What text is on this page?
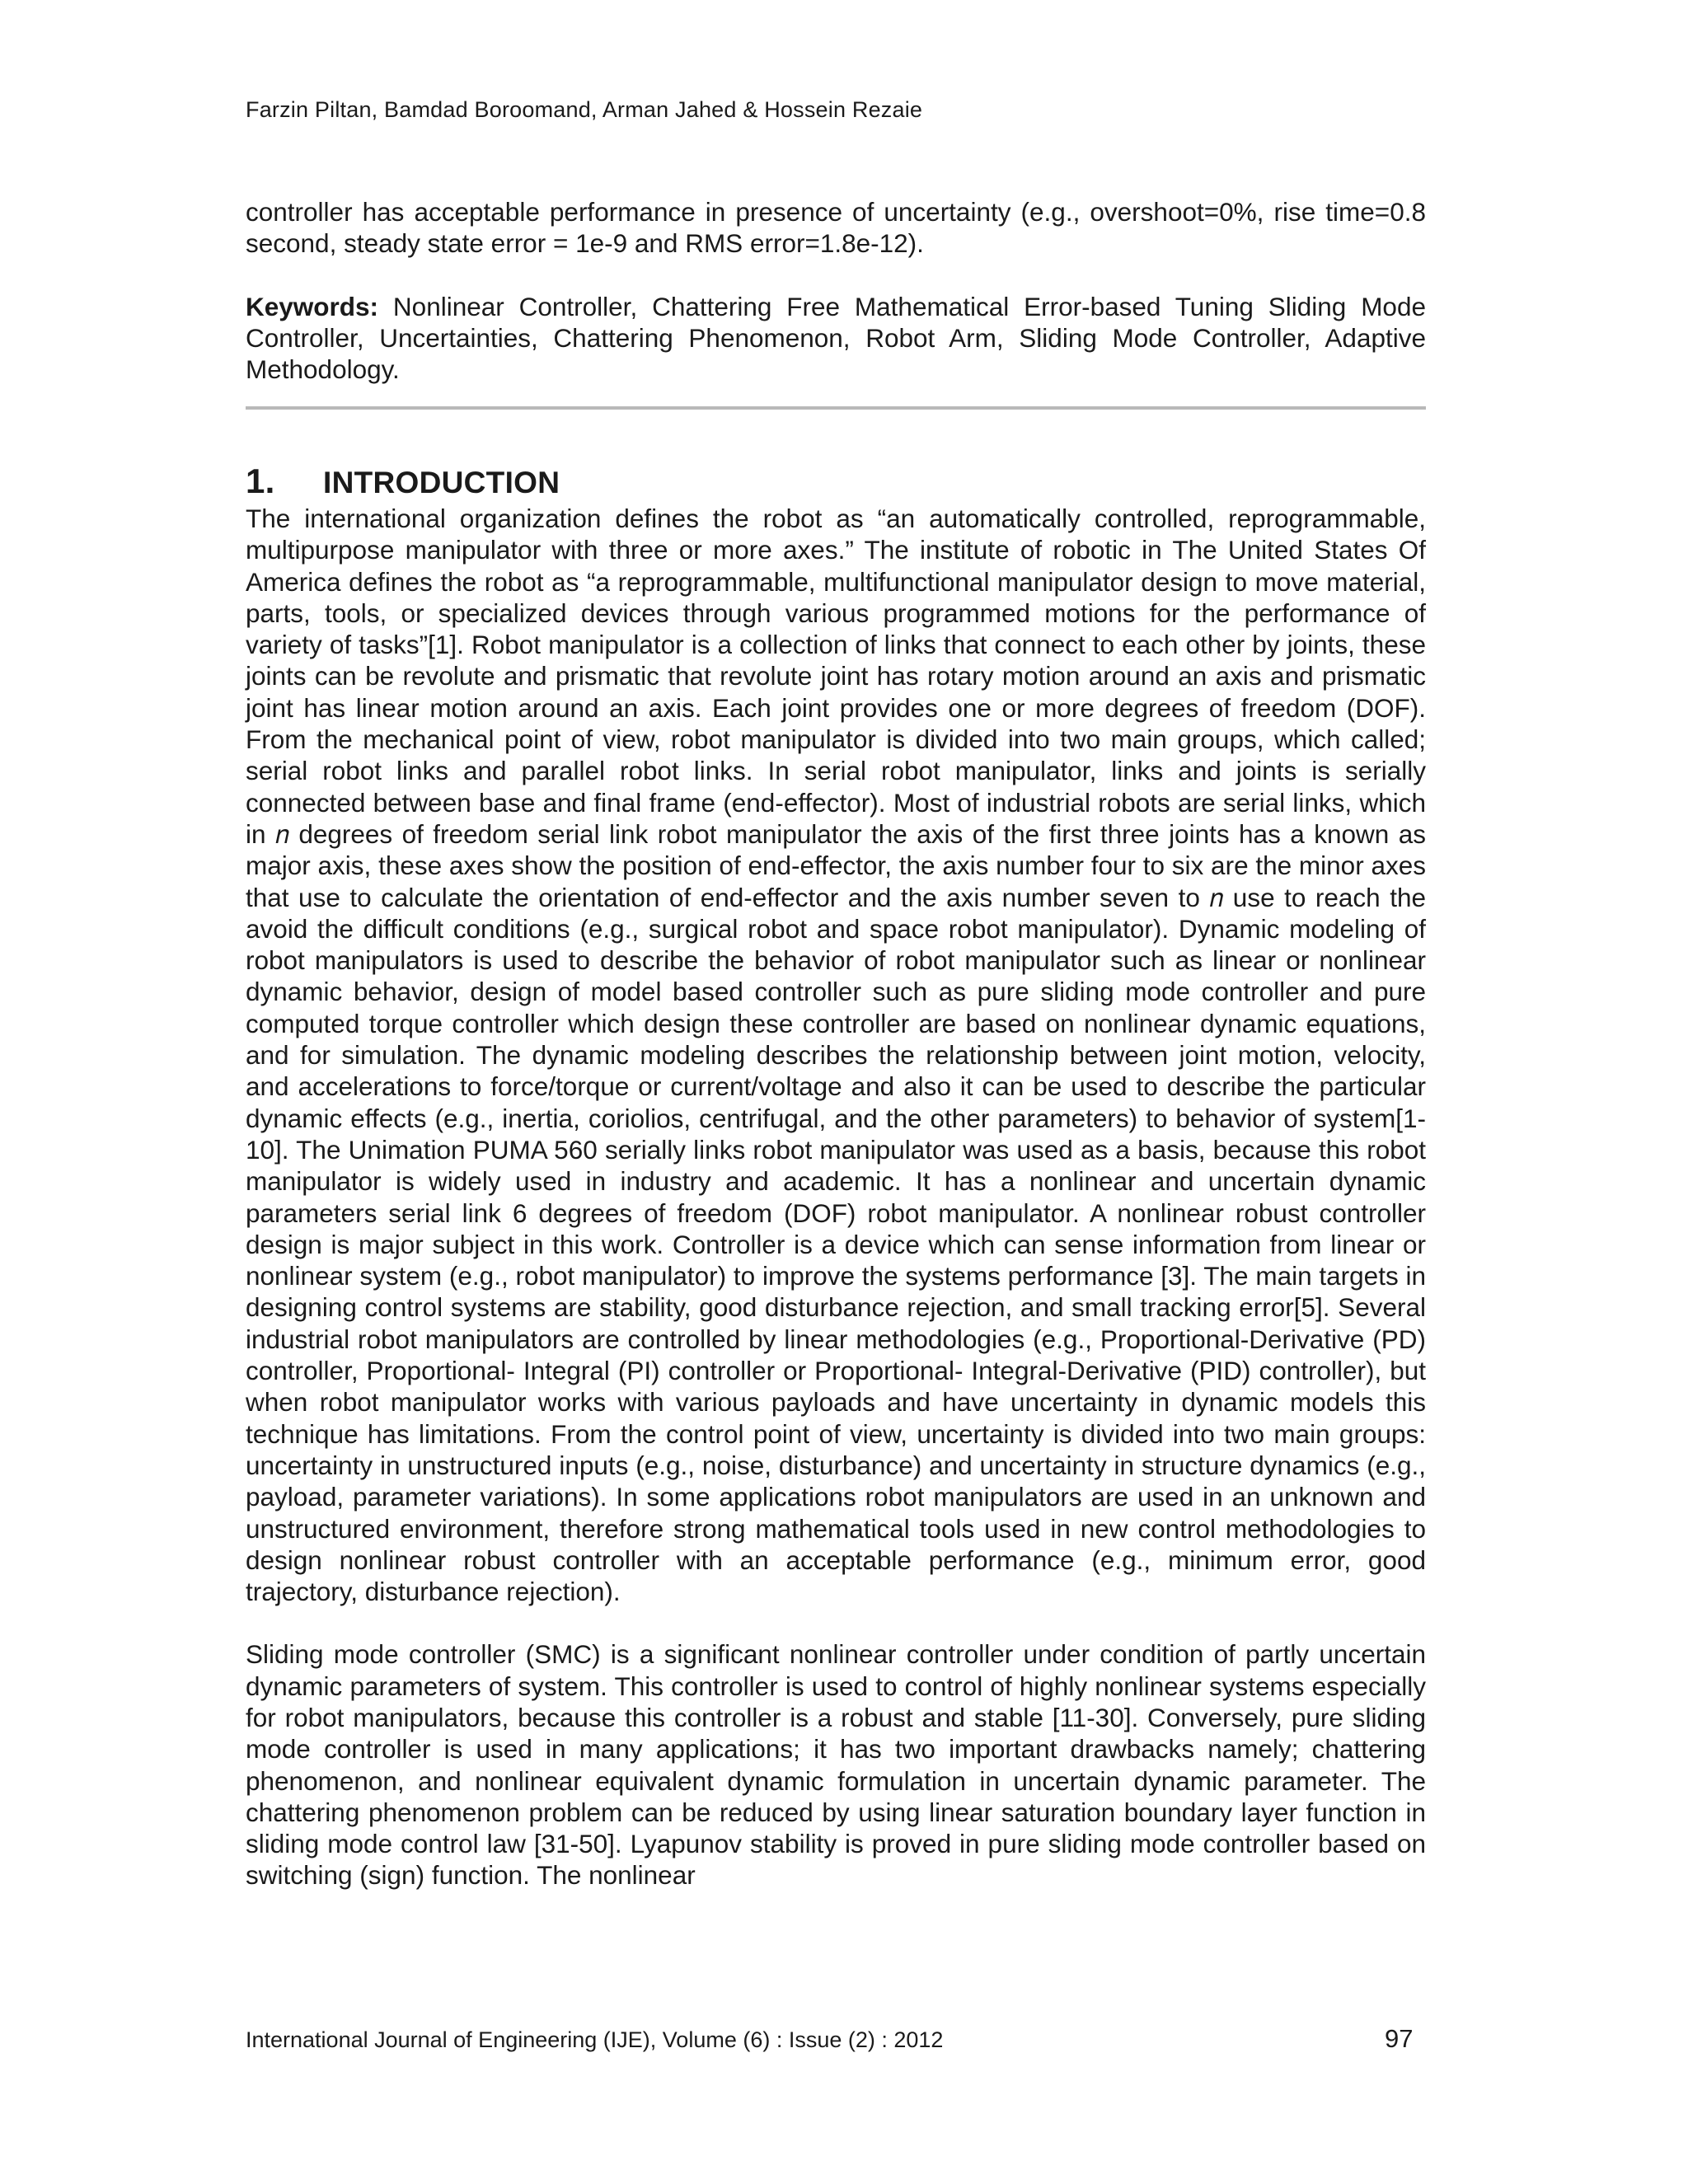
Farzin Piltan, Bamdad Boroomand, Arman Jahed & Hossein Rezaie

controller has acceptable performance in presence of uncertainty (e.g., overshoot=0%, rise time=0.8 second, steady state error = 1e-9 and RMS error=1.8e-12).

Keywords: Nonlinear Controller, Chattering Free Mathematical Error-based Tuning Sliding Mode Controller, Uncertainties, Chattering Phenomenon, Robot Arm, Sliding Mode Controller, Adaptive Methodology.

1. INTRODUCTION

The international organization defines the robot as “an automatically controlled, reprogrammable, multipurpose manipulator with three or more axes.” The institute of robotic in The United States Of America defines the robot as “a reprogrammable, multifunctional manipulator design to move material, parts, tools, or specialized devices through various programmed motions for the performance of variety of tasks”[1]. Robot manipulator is a collection of links that connect to each other by joints, these joints can be revolute and prismatic that revolute joint has rotary motion around an axis and prismatic joint has linear motion around an axis. Each joint provides one or more degrees of freedom (DOF). From the mechanical point of view, robot manipulator is divided into two main groups, which called; serial robot links and parallel robot links. In serial robot manipulator, links and joints is serially connected between base and final frame (end-effector). Most of industrial robots are serial links, which in 𝑛 degrees of freedom serial link robot manipulator the axis of the first three joints has a known as major axis, these axes show the position of end-effector, the axis number four to six are the minor axes that use to calculate the orientation of end-effector and the axis number seven to 𝑛 use to reach the avoid the difficult conditions (e.g., surgical robot and space robot manipulator). Dynamic modeling of robot manipulators is used to describe the behavior of robot manipulator such as linear or nonlinear dynamic behavior, design of model based controller such as pure sliding mode controller and pure computed torque controller which design these controller are based on nonlinear dynamic equations, and for simulation. The dynamic modeling describes the relationship between joint motion, velocity, and accelerations to force/torque or current/voltage and also it can be used to describe the particular dynamic effects (e.g., inertia, coriolios, centrifugal, and the other parameters) to behavior of system[1-10]. The Unimation PUMA 560 serially links robot manipulator was used as a basis, because this robot manipulator is widely used in industry and academic. It has a nonlinear and uncertain dynamic parameters serial link 6 degrees of freedom (DOF) robot manipulator. A nonlinear robust controller design is major subject in this work. Controller is a device which can sense information from linear or nonlinear system (e.g., robot manipulator) to improve the systems performance [3]. The main targets in designing control systems are stability, good disturbance rejection, and small tracking error[5]. Several industrial robot manipulators are controlled by linear methodologies (e.g., Proportional-Derivative (PD) controller, Proportional- Integral (PI) controller or Proportional- Integral-Derivative (PID) controller), but when robot manipulator works with various payloads and have uncertainty in dynamic models this technique has limitations. From the control point of view, uncertainty is divided into two main groups: uncertainty in unstructured inputs (e.g., noise, disturbance) and uncertainty in structure dynamics (e.g., payload, parameter variations). In some applications robot manipulators are used in an unknown and unstructured environment, therefore strong mathematical tools used in new control methodologies to design nonlinear robust controller with an acceptable performance (e.g., minimum error, good trajectory, disturbance rejection).

Sliding mode controller (SMC) is a significant nonlinear controller under condition of partly uncertain dynamic parameters of system. This controller is used to control of highly nonlinear systems especially for robot manipulators, because this controller is a robust and stable [11-30]. Conversely, pure sliding mode controller is used in many applications; it has two important drawbacks namely; chattering phenomenon, and nonlinear equivalent dynamic formulation in uncertain dynamic parameter. The chattering phenomenon problem can be reduced by using linear saturation boundary layer function in sliding mode control law [31-50]. Lyapunov stability is proved in pure sliding mode controller based on switching (sign) function. The nonlinear

International Journal of Engineering (IJE), Volume (6) : Issue (2) : 2012	97
